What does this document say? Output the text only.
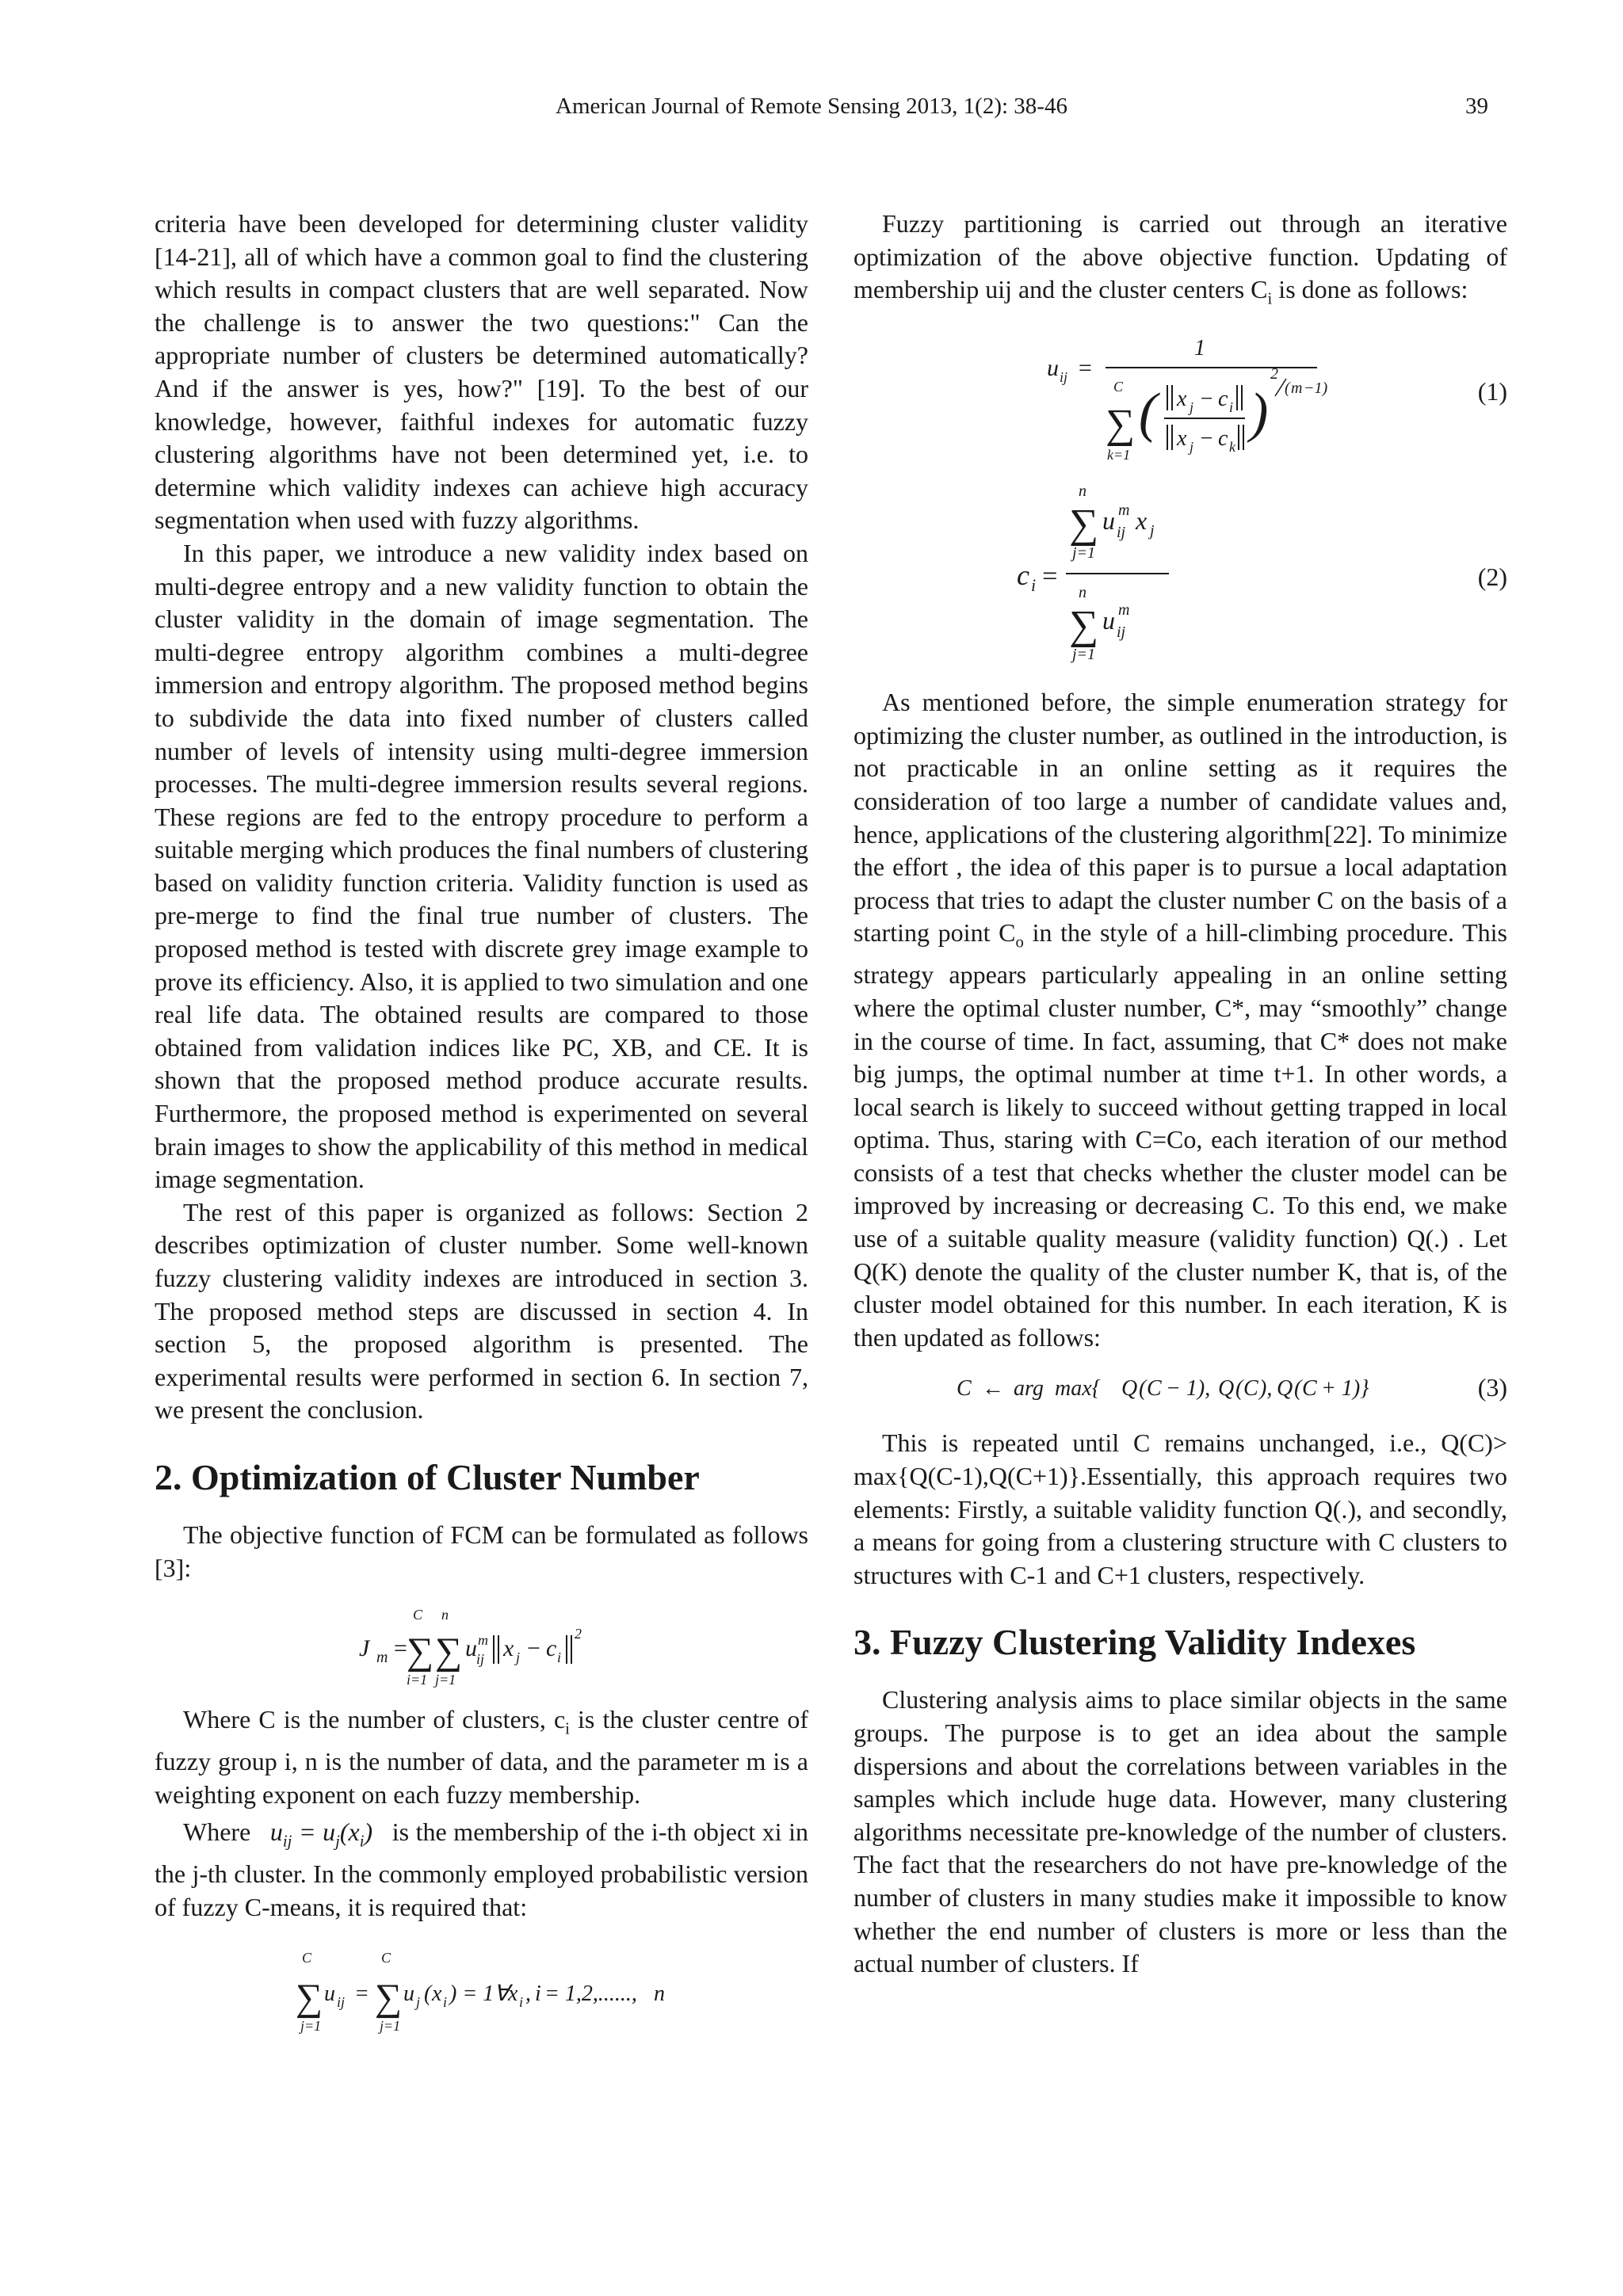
American Journal of Remote Sensing 2013, 1(2): 38-46	39

criteria have been developed for determining cluster validity [14-21], all of which have a common goal to find the clustering which results in compact clusters that are well separated. Now the challenge is to answer the two questions:" Can the appropriate number of clusters be determined automatically? And if the answer is yes, how?" [19]. To the best of our knowledge, however, faithful indexes for automatic fuzzy clustering algorithms have not been determined yet, i.e. to determine which validity indexes can achieve high accuracy segmentation when used with fuzzy algorithms.

In this paper, we introduce a new validity index based on multi-degree entropy and a new validity function to obtain the cluster validity in the domain of image segmentation. The multi-degree entropy algorithm combines a multi-degree immersion and entropy algorithm. The proposed method begins to subdivide the data into fixed number of clusters called number of levels of intensity using multi-degree immersion processes. The multi-degree immersion results several regions. These regions are fed to the entropy procedure to perform a suitable merging which produces the final numbers of clustering based on validity function criteria. Validity function is used as pre-merge to find the final true number of clusters. The proposed method is tested with discrete grey image example to prove its efficiency. Also, it is applied to two simulation and one real life data. The obtained results are compared to those obtained from validation indices like PC, XB, and CE. It is shown that the proposed method produce accurate results. Furthermore, the proposed method is experimented on several brain images to show the applicability of this method in medical image segmentation.

The rest of this paper is organized as follows: Section 2 describes optimization of cluster number. Some well-known fuzzy clustering validity indexes are introduced in section 3. The proposed method steps are discussed in section 4. In section 5, the proposed algorithm is presented. The experimental results were performed in section 6. In section 7, we present the conclusion.

2. Optimization of Cluster Number

The objective function of FCM can be formulated as follows [3]:

J m =
∑
C
i=1
∑
n
j=1
u m
ij x j − c i
2

Where C is the number of clusters, $c_i$ is the cluster centre of fuzzy group i, n is the number of data, and the parameter m is a weighting exponent on each fuzzy membership.

Where $u_{ij} = u_j(x_i)$ is the membership of the i-th object xi in the j-th cluster. In the commonly employed probabilistic version of fuzzy C-means, it is required that:

C
∑
j=1
u ij =
C
∑
j=1
u j ( x i ) = 1∀
x i , i = 1,2,......, n

Fuzzy partitioning is carried out through an iterative optimization of the above objective function. Updating of membership uij and the cluster centers $C_i$ is done as follows:

u ij =
1
C
∑
k=1
( x j − c i
x j − c k
)
2
( m −1)	(1)
n
∑
j=1
u m
ij x j
c i =
n
∑
j=1
u m
ij
(2)

As mentioned before, the simple enumeration strategy for optimizing the cluster number, as outlined in the introduction, is not practicable in an online setting as it requires the consideration of too large a number of candidate values and, hence, applications of the clustering algorithm[22]. To minimize the effort , the idea of this paper is to pursue a local adaptation process that tries to adapt the cluster number C on the basis of a starting point $C_o$ in the style of a hill-climbing procedure. This strategy appears particularly appealing in an online setting where the optimal cluster number, C*, may “smoothly” change in the course of time. In fact, assuming, that C* does not make big jumps, the optimal number at time t+1. In other words, a local search is likely to succeed without getting trapped in local optima. Thus, staring with C=Co, each iteration of our method consists of a test that checks whether the cluster model can be improved by increasing or decreasing C. To this end, we make use of a suitable quality measure (validity function) Q(.) . Let Q(K) denote the quality of the cluster number K, that is, of the cluster model obtained for this number. In each iteration, K is then updated as follows:

C ← arg max{ Q ( C − 1), Q ( C ), Q ( C + 1)}	(3)

This is repeated until C remains unchanged, i.e., Q(C)> max{Q(C-1),Q(C+1)}.Essentially, this approach requires two elements: Firstly, a suitable validity function Q(.), and secondly, a means for going from a clustering structure with C clusters to structures with C-1 and C+1 clusters, respectively.

3. Fuzzy Clustering Validity Indexes

Clustering analysis aims to place similar objects in the same groups. The purpose is to get an idea about the sample dispersions and about the correlations between variables in the samples which include huge data. However, many clustering algorithms necessitate pre-knowledge of the number of clusters. The fact that the researchers do not have pre-knowledge of the number of clusters in many studies make it impossible to know whether the end number of clusters is more or less than the actual number of clusters. If
